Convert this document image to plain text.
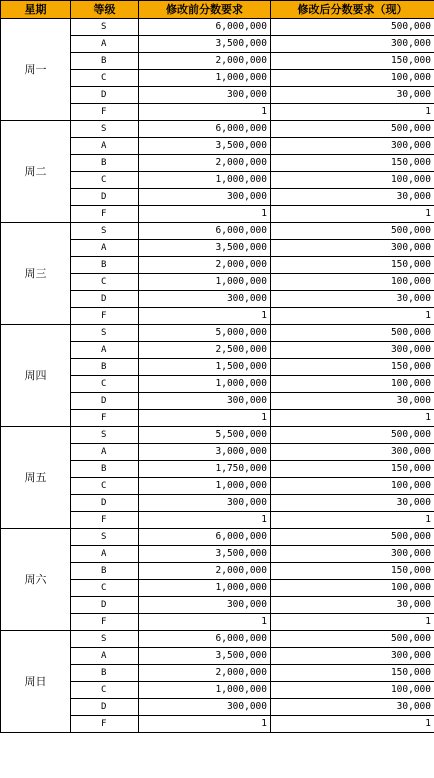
星期	等级	修改前分数要求	修改后分数要求（现）
周一	S	6,000,000	500,000
	A	3,500,000	300,000
	B	2,000,000	150,000
	C	1,000,000	100,000
	D	300,000	30,000
	F	1	1
周二	S	6,000,000	500,000
	A	3,500,000	300,000
	B	2,000,000	150,000
	C	1,000,000	100,000
	D	300,000	30,000
	F	1	1
周三	S	6,000,000	500,000
	A	3,500,000	300,000
	B	2,000,000	150,000
	C	1,000,000	100,000
	D	300,000	30,000
	F	1	1
周四	S	5,000,000	500,000
	A	2,500,000	300,000
	B	1,500,000	150,000
	C	1,000,000	100,000
	D	300,000	30,000
	F	1	1
周五	S	5,500,000	500,000
	A	3,000,000	300,000
	B	1,750,000	150,000
	C	1,000,000	100,000
	D	300,000	30,000
	F	1	1
周六	S	6,000,000	500,000
	A	3,500,000	300,000
	B	2,000,000	150,000
	C	1,000,000	100,000
	D	300,000	30,000
	F	1	1
周日	S	6,000,000	500,000
	A	3,500,000	300,000
	B	2,000,000	150,000
	C	1,000,000	100,000
	D	300,000	30,000
	F	1	1
